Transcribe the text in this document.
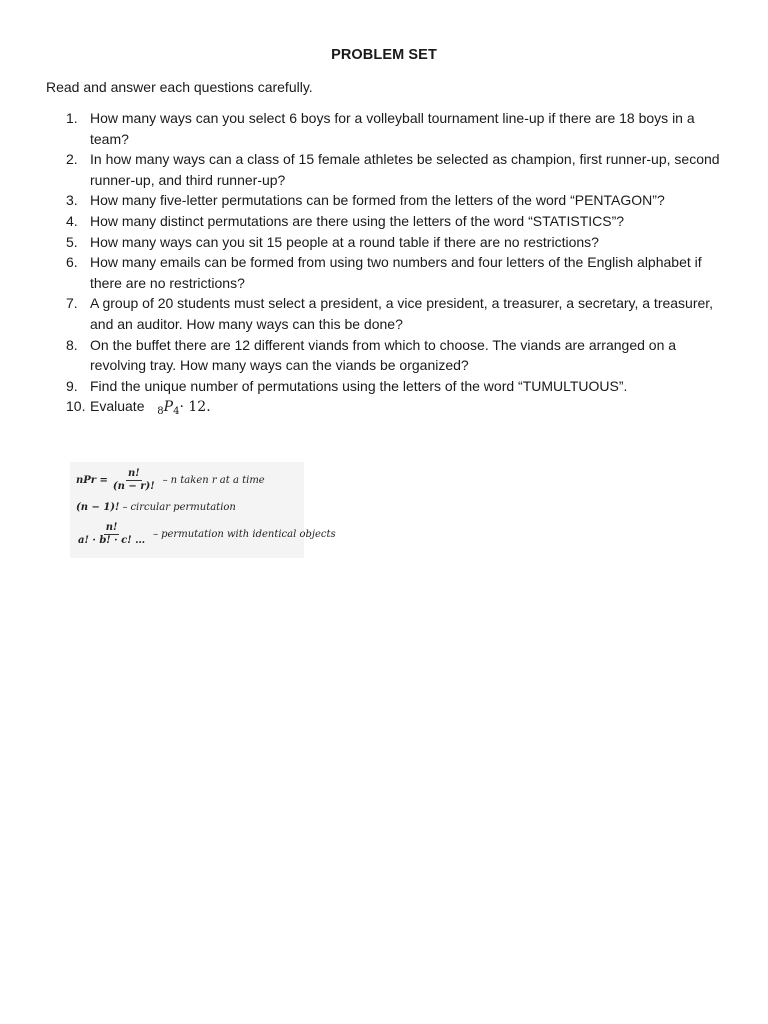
PROBLEM SET
Read and answer each questions carefully.
1. How many ways can you select 6 boys for a volleyball tournament line-up if there are 18 boys in a team?
2. In how many ways can a class of 15 female athletes be selected as champion, first runner-up, second runner-up, and third runner-up?
3. How many five-letter permutations can be formed from the letters of the word “PENTAGON”?
4. How many distinct permutations are there using the letters of the word “STATISTICS”?
5. How many ways can you sit 15 people at a round table if there are no restrictions?
6. How many emails can be formed from using two numbers and four letters of the English alphabet if there are no restrictions?
7. A group of 20 students must select a president, a vice president, a treasurer, a secretary, a treasurer, and an auditor. How many ways can this be done?
8. On the buffet there are 12 different viands from which to choose. The viands are arranged on a revolving tray. How many ways can the viands be organized?
9. Find the unique number of permutations using the letters of the word “TUMULTUOUS”.
10. Evaluate $_8P_4\cdot 12$.
nPr = $\frac{n!}{(n - r)!}$ – n taken r at a time
(n − 1)! – circular permutation
$\frac{n!}{a! \cdot b! \cdot c! \dots}$ – permutation with identical objects
